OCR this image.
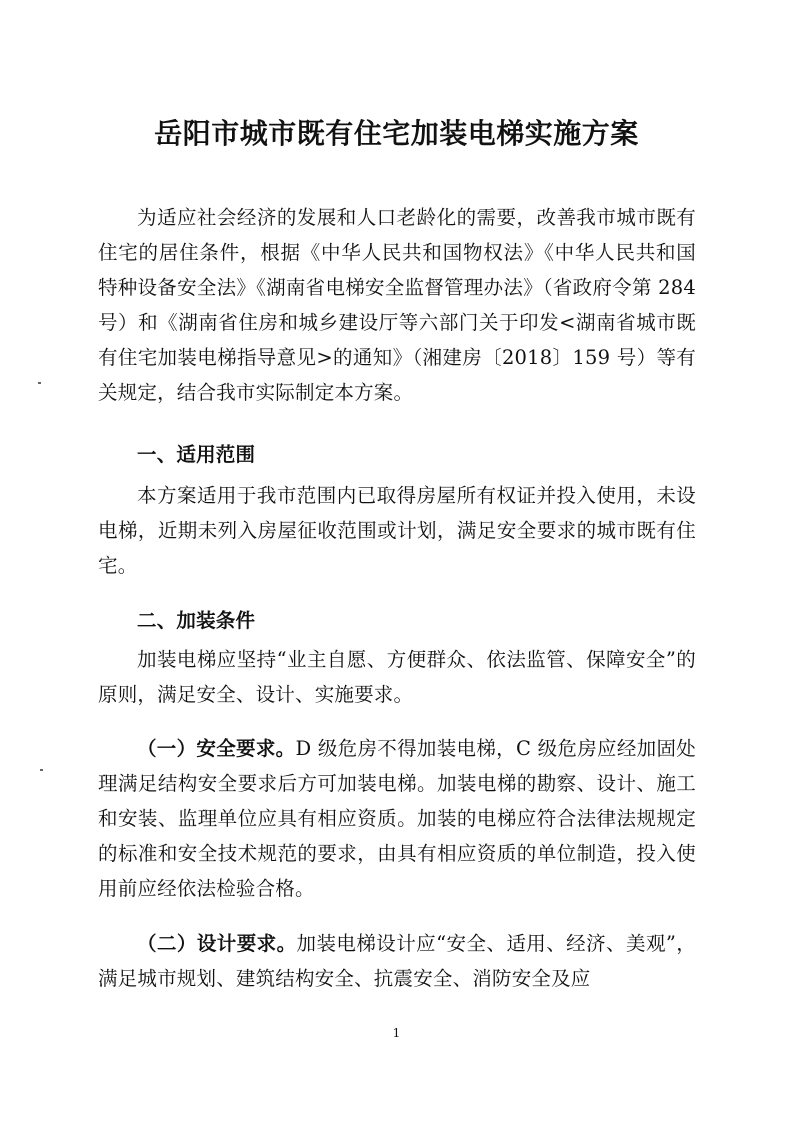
岳阳市城市既有住宅加装电梯实施方案

为适应社会经济的发展和人口老龄化的需要，改善我市城市既有住宅的居住条件，根据《中华人民共和国物权法》《中华人民共和国特种设备安全法》《湖南省电梯安全监督管理办法》（省政府令第 284 号）和《湖南省住房和城乡建设厅等六部门关于印发<湖南省城市既有住宅加装电梯指导意见>的通知》（湘建房〔2018〕159 号）等有关规定，结合我市实际制定本方案。

一、适用范围

本方案适用于我市范围内已取得房屋所有权证并投入使用，未设电梯，近期未列入房屋征收范围或计划，满足安全要求的城市既有住宅。

二、加装条件

加装电梯应坚持“业主自愿、方便群众、依法监管、保障安全”的原则，满足安全、设计、实施要求。

（一）安全要求。D 级危房不得加装电梯，C 级危房应经加固处理满足结构安全要求后方可加装电梯。加装电梯的勘察、设计、施工和安装、监理单位应具有相应资质。加装的电梯应符合法律法规规定的标准和安全技术规范的要求，由具有相应资质的单位制造，投入使用前应经依法检验合格。

（二）设计要求。加装电梯设计应“安全、适用、经济、美观”，满足城市规划、建筑结构安全、抗震安全、消防安全及应

1
